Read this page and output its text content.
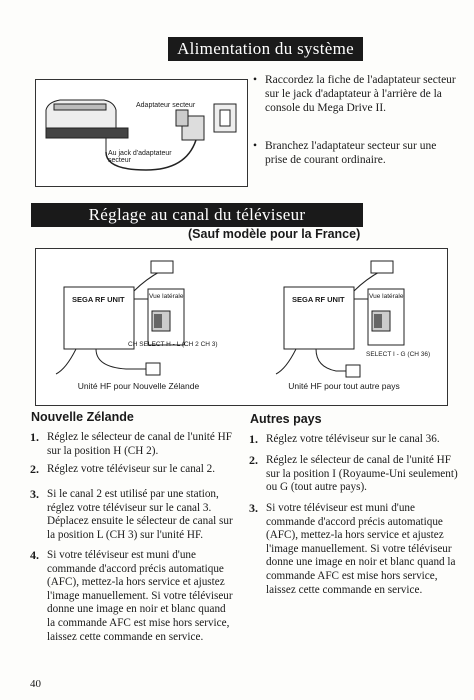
Alimentation du système
Adaptateur secteur
Au jack d'adaptateur secteur
• Raccordez la fiche de l'adaptateur secteur sur le jack d'adaptateur à l'arrière de la console du Mega Drive II.
• Branchez l'adaptateur secteur sur une prise de courant ordinaire.
Réglage au canal du téléviseur
(Sauf modèle pour la France)
SEGA RF UNIT	Vue latérale
CH SELECT H - L (CH 2 CH 3)
Unité HF pour Nouvelle Zélande
SEGA RF UNIT	Vue latérale
SELECT I - G (CH 36)
Unité HF pour tout autre pays
Nouvelle Zélande
1. Réglez le sélecteur de canal de l'unité HF sur la position H (CH 2).
2. Réglez votre téléviseur sur le canal 2.
3. Si le canal 2 est utilisé par une station, réglez votre téléviseur sur le canal 3. Déplacez ensuite le sélecteur de canal sur la position L (CH 3) sur l'unité HF.
4. Si votre téléviseur est muni d'une commande d'accord précis automatique (AFC), mettez-la hors service et ajustez l'image manuellement. Si votre téléviseur donne une image en noir et blanc quand la commande AFC est mise hors service, laissez cette commande en service.
Autres pays
1. Réglez votre téléviseur sur le canal 36.
2. Réglez le sélecteur de canal de l'unité HF sur la position I (Royaume-Uni seulement) ou G (tout autre pays).
3. Si votre téléviseur est muni d'une commande d'accord précis automatique (AFC), mettez-la hors service et ajustez l'image manuellement. Si votre téléviseur donne une image en noir et blanc quand la commande AFC est mise hors service, laissez cette commande en service.
40
